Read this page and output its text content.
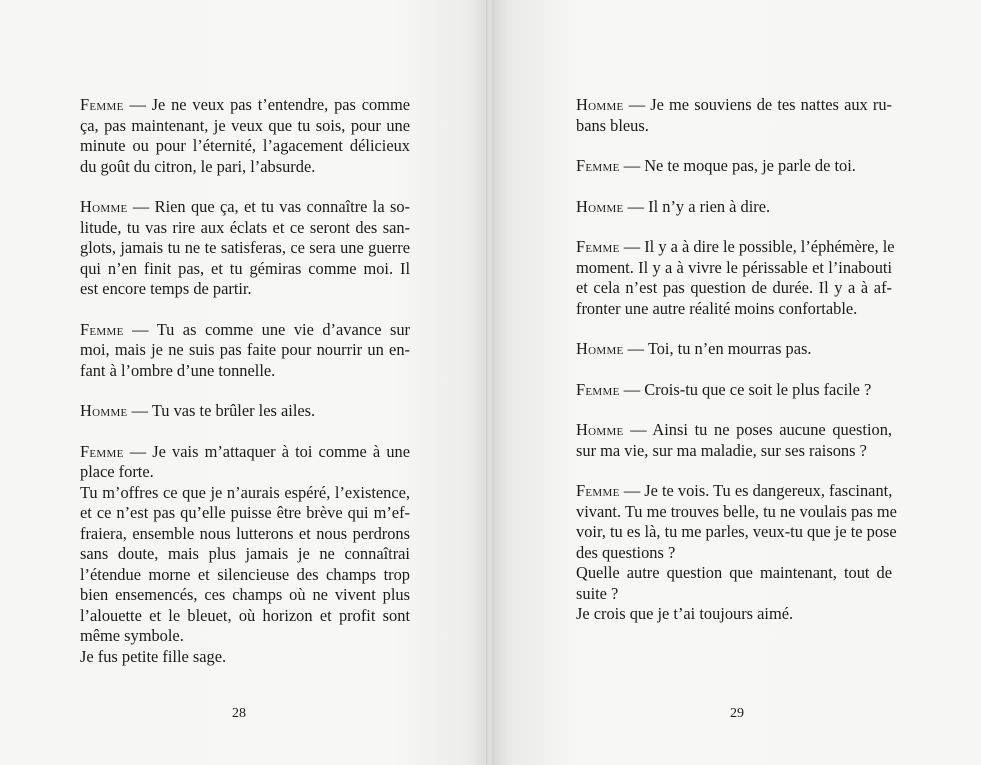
Femme — Je ne veux pas t’entendre, pas comme
ça, pas maintenant, je veux que tu sois, pour une
minute ou pour l’éternité, l’agacement délicieux
du goût du citron, le pari, l’absurde.
Homme — Rien que ça, et tu vas connaître la so-
litude, tu vas rire aux éclats et ce seront des san-
glots, jamais tu ne te satisferas, ce sera une guerre
qui n’en finit pas, et tu gémiras comme moi. Il
est encore temps de partir.
Femme — Tu as comme une vie d’avance sur
moi, mais je ne suis pas faite pour nourrir un en-
fant à l’ombre d’une tonnelle.
Homme — Tu vas te brûler les ailes.
Femme — Je vais m’attaquer à toi comme à une
place forte.
Tu m’offres ce que je n’aurais espéré, l’existence,
et ce n’est pas qu’elle puisse être brève qui m’ef-
fraiera, ensemble nous lutterons et nous perdrons
sans doute, mais plus jamais je ne connaîtrai
l’étendue morne et silencieuse des champs trop
bien ensemencés, ces champs où ne vivent plus
l’alouette et le bleuet, où horizon et profit sont
même symbole.
Je fus petite fille sage.
28
Homme — Je me souviens de tes nattes aux ru-
bans bleus.
Femme — Ne te moque pas, je parle de toi.
Homme — Il n’y a rien à dire.
Femme — Il y a à dire le possible, l’éphémère, le
moment. Il y a à vivre le périssable et l’inabouti
et cela n’est pas question de durée. Il y a à af-
fronter une autre réalité moins confortable.
Homme — Toi, tu n’en mourras pas.
Femme — Crois-tu que ce soit le plus facile ?
Homme — Ainsi tu ne poses aucune question,
sur ma vie, sur ma maladie, sur ses raisons ?
Femme — Je te vois. Tu es dangereux, fascinant,
vivant. Tu me trouves belle, tu ne voulais pas me
voir, tu es là, tu me parles, veux-tu que je te pose
des questions ?
Quelle autre question que maintenant, tout de
suite ?
Je crois que je t’ai toujours aimé.
29
